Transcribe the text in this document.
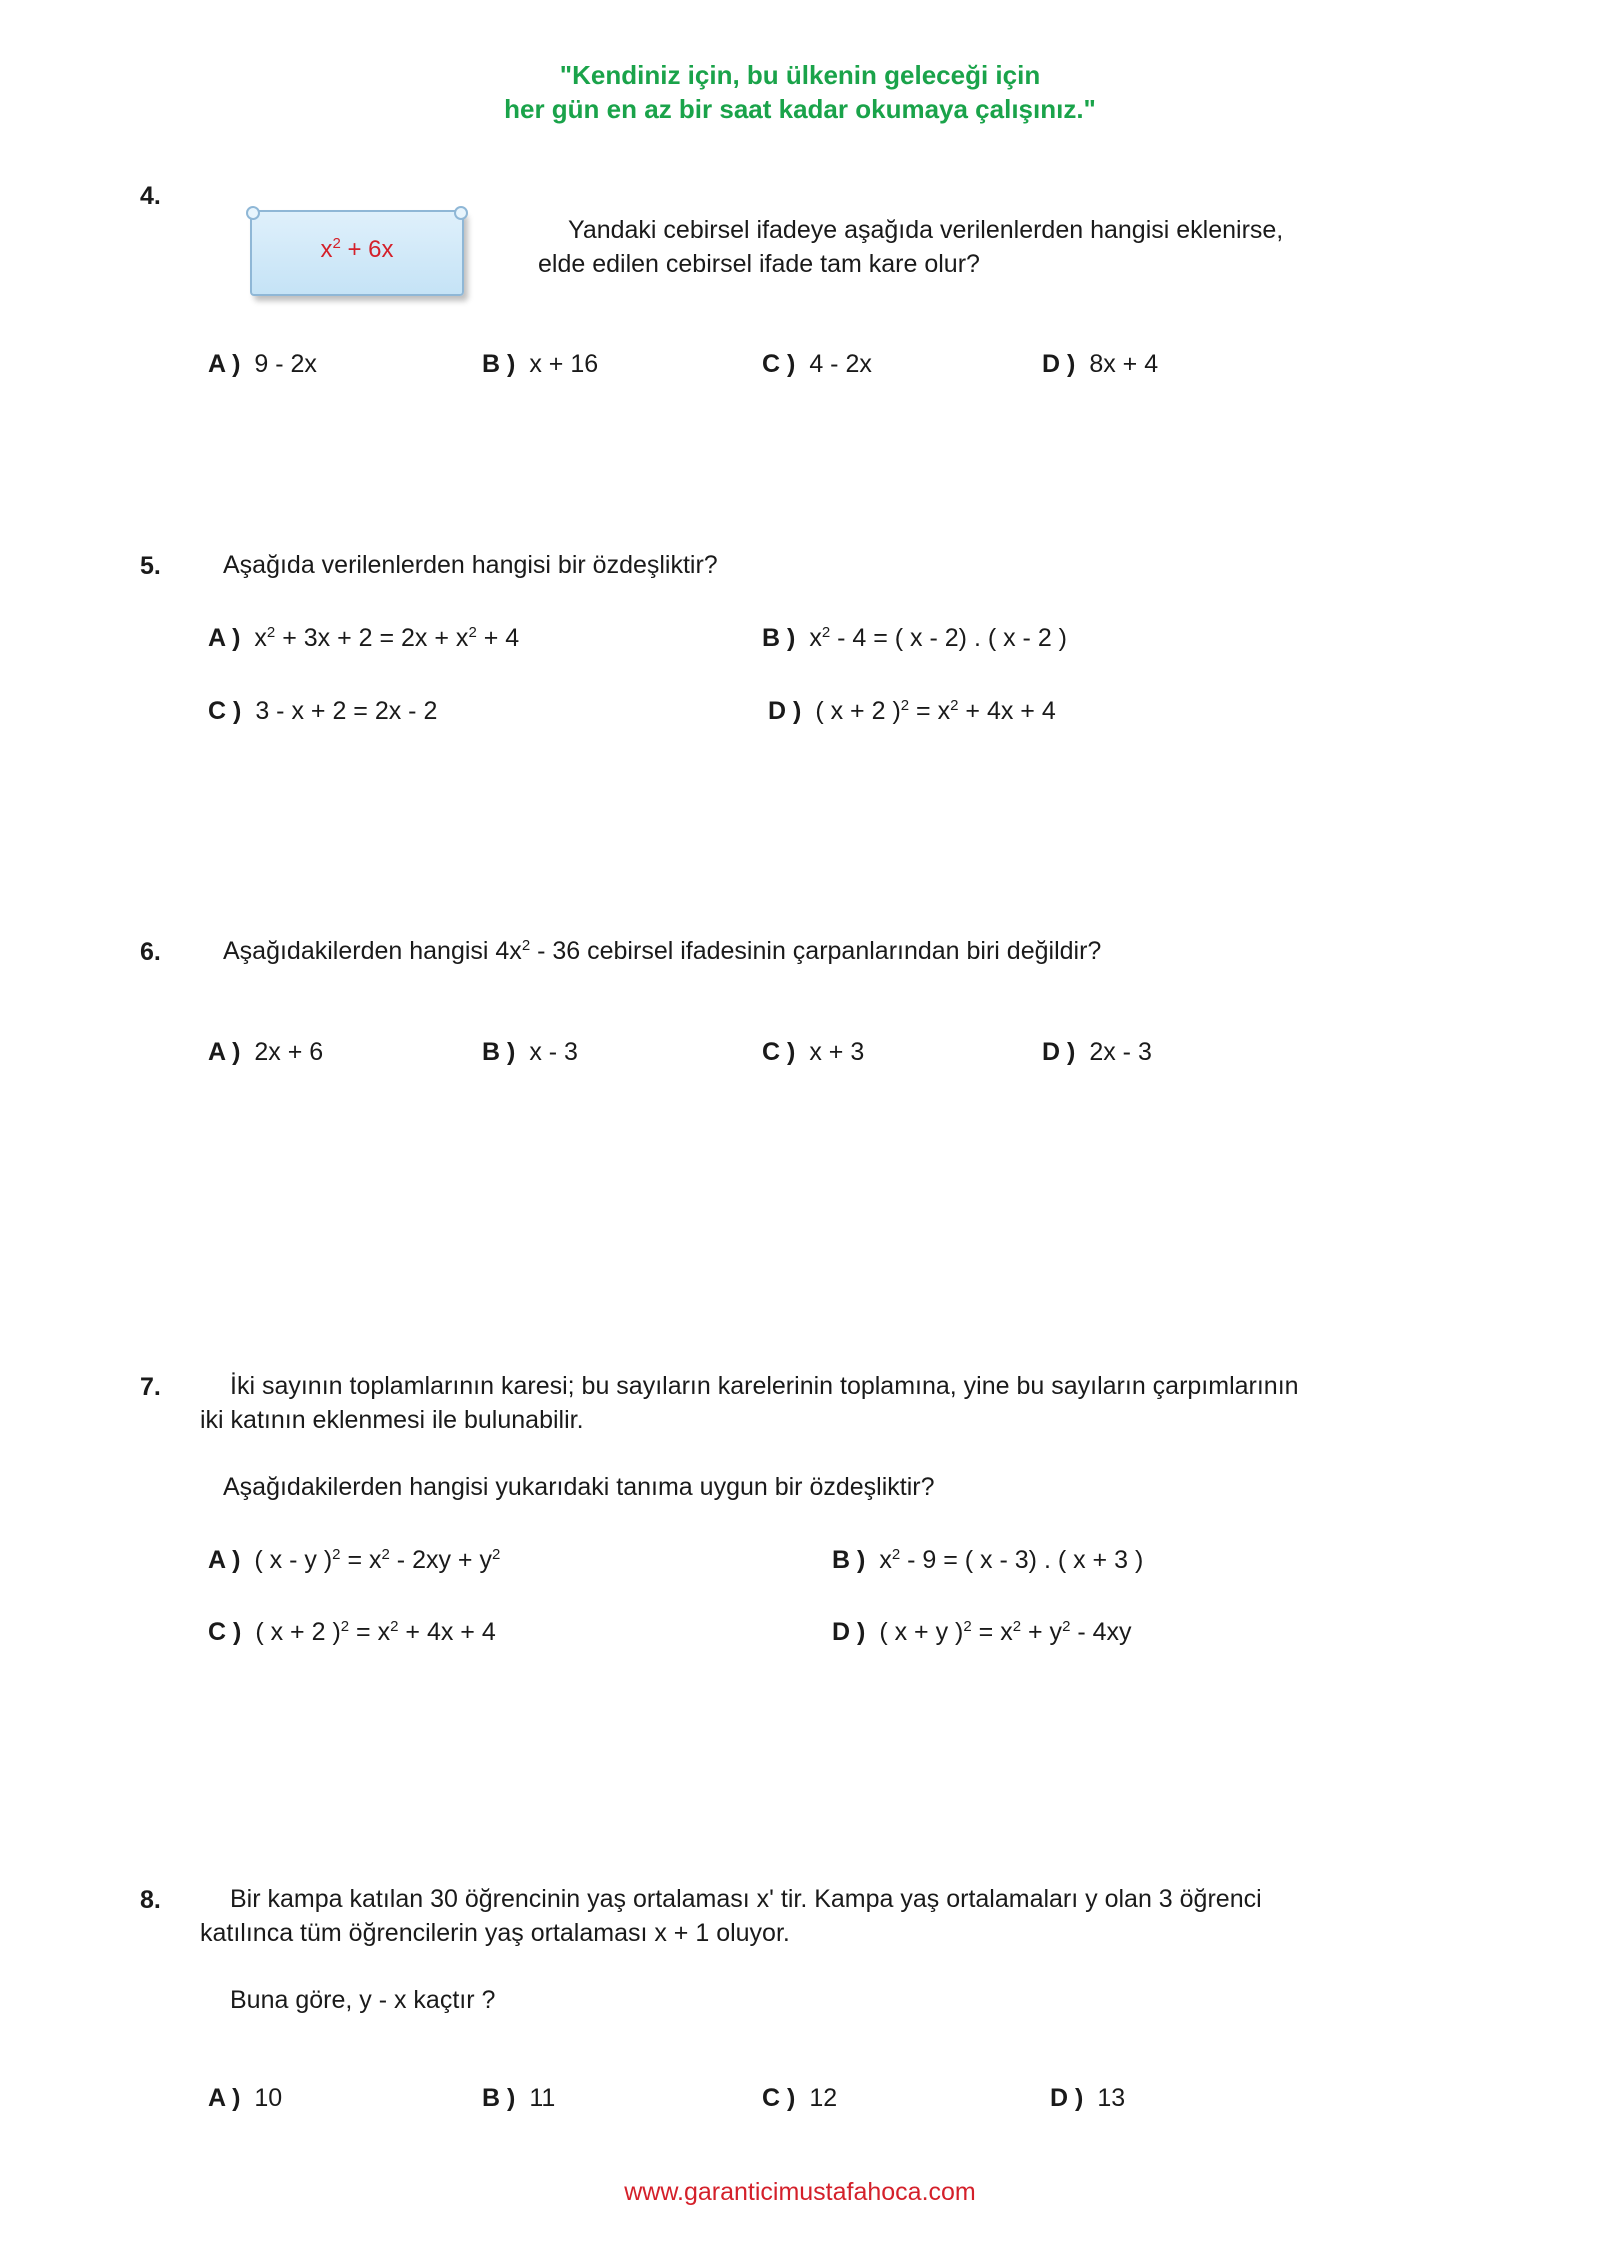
"Kendiniz için, bu ülkenin geleceği için
her gün en az bir saat kadar okumaya çalışınız."
4.
$x^2 + 6x$
Yandaki cebirsel ifadeye aşağıda verilenlerden hangisi eklenirse,
elde edilen cebirsel ifade tam kare olur?
A ) 9 - 2x	B ) x + 16	C ) 4 - 2x	D ) 8x + 4
5. Aşağıda verilenlerden hangisi bir özdeşliktir?
A ) $x^2 + 3x + 2 = 2x + x^2 + 4$	B ) $x^2 - 4$ = ( x - 2) . ( x - 2 )
C ) 3 - x + 2 = 2x - 2	D ) ( x + 2 )$^2 = x^2 + 4x + 4$
6. Aşağıdakilerden hangisi $4x^2 - 36$ cebirsel ifadesinin çarpanlarından biri değildir?
A ) 2x + 6	B ) x - 3	C ) x + 3	D ) 2x - 3
7.	İki sayının toplamlarının karesi; bu sayıların karelerinin toplamına, yine bu sayıların çarpımlarının
iki katının eklenmesi ile bulunabilir.
Aşağıdakilerden hangisi yukarıdaki tanıma uygun bir özdeşliktir?
A ) ( x - y )$^2 = x^2 - 2xy + y^2$	B ) $x^2 - 9$ = ( x - 3) . ( x + 3 )
C ) ( x + 2 )$^2 = x^2 + 4x + 4$	D ) ( x + y )$^2 = x^2 + y^2 - 4xy$
8.	Bir kampa katılan 30 öğrencinin yaş ortalaması x' tir. Kampa yaş ortalamaları y olan 3 öğrenci
katılınca tüm öğrencilerin yaş ortalaması x + 1 oluyor.
Buna göre, y - x kaçtır ?
A ) 10	B ) 11	C ) 12	D ) 13
www.garanticimustafahoca.com
